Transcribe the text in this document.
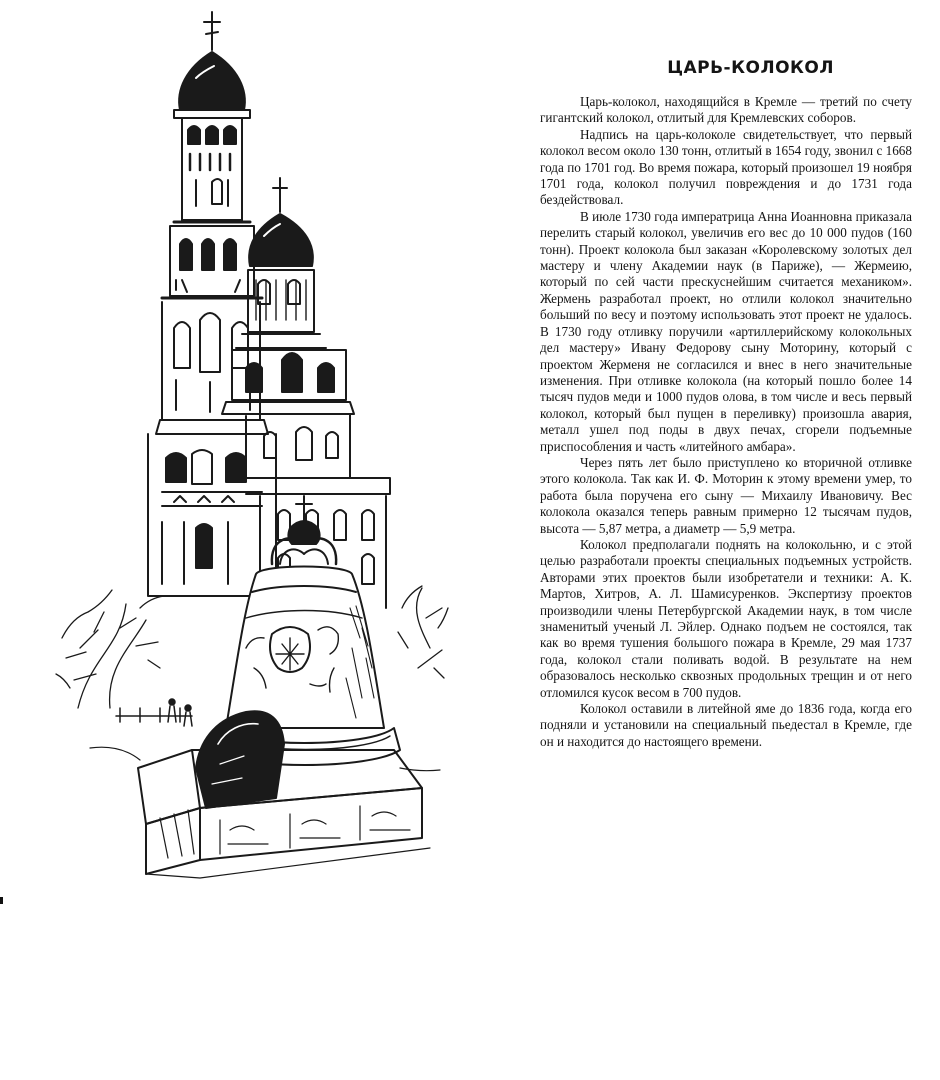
ЦАРЬ-КОЛОКОЛ

Царь-колокол, находящийся в Кремле — третий по счету гигантский колокол, отлитый для Кремлевских соборов.

Надпись на царь-колоколе свидетельствует, что первый колокол весом около 130 тонн, отлитый в 1654 году, звонил с 1668 года по 1701 год. Во время пожара, который произошел 19 ноября 1701 года, колокол получил повреждения и до 1731 года бездействовал.

В июле 1730 года императрица Анна Иоанновна приказала перелить старый колокол, увеличив его вес до 10 000 пудов (160 тонн). Проект колокола был заказан «Королевскому золотых дел мастеру и члену Академии наук (в Париже), — Жермеию, который по сей части прескуснейшим считается механиком». Жермень разработал проект, но отлили колокол значительно больший по весу и поэтому использовать этот проект не удалось. В 1730 году отливку поручили «артиллерийскому колокольных дел мастеру» Ивану Федорову сыну Моторину, который с проектом Жерменя не согласился и внес в него значительные изменения. При отливке колокола (на который пошло более 14 тысяч пудов меди и 1000 пудов олова, в том числе и весь первый колокол, который был пущен в переливку) произошла авария, металл ушел под поды в двух печах, сгорели подъемные приспособления и часть «литейного амбара».

Через пять лет было приступлено ко вторичной отливке этого колокола. Так как И. Ф. Моторин к этому времени умер, то работа была поручена его сыну — Михаилу Ивановичу. Вес колокола оказался теперь равным примерно 12 тысячам пудов, высота — 5,87 метра, а диаметр — 5,9 метра.

Колокол предполагали поднять на колокольню, и с этой целью разработали проекты специальных подъемных устройств. Авторами этих проектов были изобретатели и техники: А. К. Мартов, Хитров, А. Л. Шамисуренков. Экспертизу проектов производили члены Петербургской Академии наук, в том числе знаменитый ученый Л. Эйлер. Однако подъем не состоялся, так как во время тушения большого пожара в Кремле, 29 мая 1737 года, колокол стали поливать водой. В результате на нем образовалось несколько сквозных продольных трещин и от него отломился кусок весом в 700 пудов.

Колокол оставили в литейной яме до 1836 года, когда его подняли и установили на специальный пьедестал в Кремле, где он и находится до настоящего времени.
